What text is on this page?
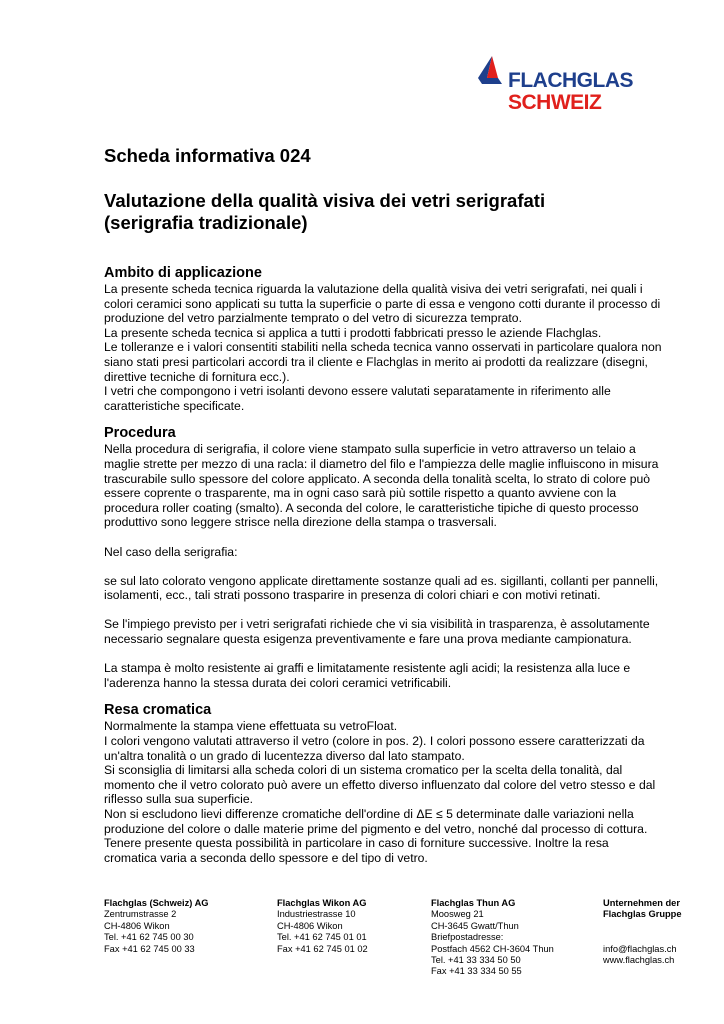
FLACHGLAS
SCHWEIZ
Scheda informativa 024
Valutazione della qualità visiva dei vetri serigrafati
(serigrafia tradizionale)
Ambito di applicazione

La presente scheda tecnica riguarda la valutazione della qualità visiva dei vetri serigrafati, nei quali i colori ceramici sono applicati su tutta la superficie o parte di essa e vengono cotti durante il processo di produzione del vetro parzialmente temprato o del vetro di sicurezza temprato.

La presente scheda tecnica si applica a tutti i prodotti fabbricati presso le aziende Flachglas.

Le tolleranze e i valori consentiti stabiliti nella scheda tecnica vanno osservati in particolare qualora non siano stati presi particolari accordi tra il cliente e Flachglas in merito ai prodotti da realizzare (disegni, direttive tecniche di fornitura ecc.).

I vetri che compongono i vetri isolanti devono essere valutati separatamente in riferimento alle caratteristiche specificate.

Procedura

Nella procedura di serigrafia, il colore viene stampato sulla superficie in vetro attraverso un telaio a maglie strette per mezzo di una racla: il diametro del filo e l'ampiezza delle maglie influiscono in misura trascurabile sullo spessore del colore applicato. A seconda della tonalità scelta, lo strato di colore può essere coprente o trasparente, ma in ogni caso sarà più sottile rispetto a quanto avviene con la procedura roller coating (smalto). A seconda del colore, le caratteristiche tipiche di questo processo produttivo sono leggere strisce nella direzione della stampa o trasversali.

Nel caso della serigrafia:

se sul lato colorato vengono applicate direttamente sostanze quali ad es. sigillanti, collanti per pannelli, isolamenti, ecc., tali strati possono trasparire in presenza di colori chiari e con motivi retinati.

Se l'impiego previsto per i vetri serigrafati richiede che vi sia visibilità in trasparenza, è assolutamente necessario segnalare questa esigenza preventivamente e fare una prova mediante campionatura.

La stampa è molto resistente ai graffi e limitatamente resistente agli acidi; la resistenza alla luce e l'aderenza hanno la stessa durata dei colori ceramici vetrificabili.

Resa cromatica

Normalmente la stampa viene effettuata su vetroFloat.

I colori vengono valutati attraverso il vetro (colore in pos. 2). I colori possono essere caratterizzati da un'altra tonalità o un grado di lucentezza diverso dal lato stampato.

Si sconsiglia di limitarsi alla scheda colori di un sistema cromatico per la scelta della tonalità, dal momento che il vetro colorato può avere un effetto diverso influenzato dal colore del vetro stesso e dal riflesso sulla sua superficie.

Non si escludono lievi differenze cromatiche dell'ordine di ΔE ≤ 5 determinate dalle variazioni nella produzione del colore o dalle materie prime del pigmento e del vetro, nonché dal processo di cottura.

Tenere presente questa possibilità in particolare in caso di forniture successive. Inoltre la resa cromatica varia a seconda dello spessore e del tipo di vetro.

Flachglas (Schweiz) AG
Zentrumstrasse 2
CH-4806 Wikon
Tel. +41 62 745 00 30
Fax +41 62 745 00 33
Flachglas Wikon AG
Industriestrasse 10
CH-4806 Wikon
Tel. +41 62 745 01 01
Fax +41 62 745 01 02
Flachglas Thun AG
Moosweg 21
CH-3645 Gwatt/Thun
Briefpostadresse:
Postfach 4562 CH-3604 Thun
Tel. +41 33 334 50 50
Fax +41 33 334 50 55
Unternehmen der
Flachglas Gruppe

info@flachglas.ch
www.flachglas.ch
